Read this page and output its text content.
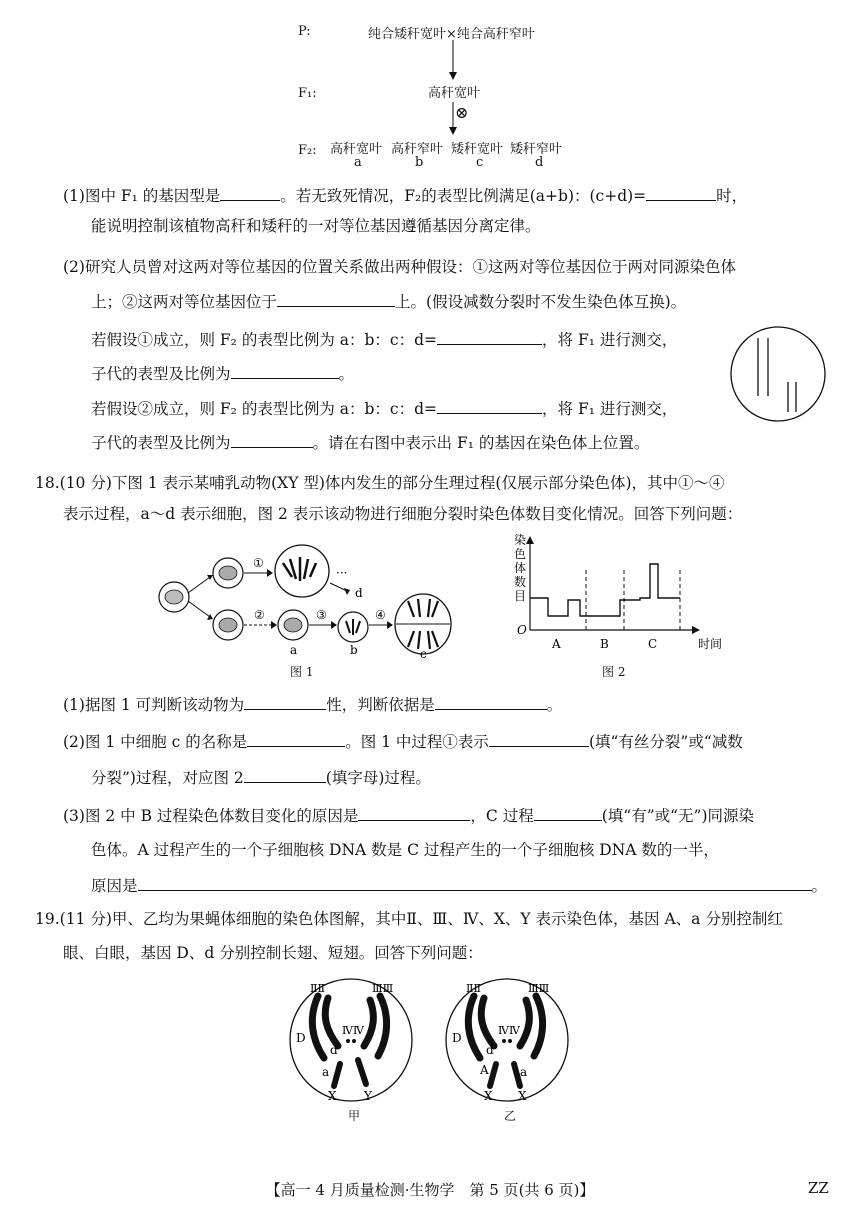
P:	纯合矮秆宽叶×纯合高秆窄叶
F₁:	高秆宽叶
⊗
F₂: 高秆宽叶 高秆窄叶 矮秆宽叶 矮秆窄叶
a	b	c	d
(1)图中 F₁ 的基因型是	。若无致死情况，F₂的表型比例满足(a+b)：(c+d)=	时，
能说明控制该植物高秆和矮秆的一对等位基因遵循基因分离定律。
(2)研究人员曾对这两对等位基因的位置关系做出两种假设：①这两对等位基因位于两对同源染色体
上；②这两对等位基因位于	上。(假设减数分裂时不发生染色体互换)。
若假设①成立，则 F₂ 的表型比例为 a：b：c：d=	，将 F₁ 进行测交，
子代的表型及比例为	。
若假设②成立，则 F₂ 的表型比例为 a：b：c：d=	，将 F₁ 进行测交，
子代的表型及比例为	。请在右图中表示出 F₁ 的基因在染色体上位置。
18.(10 分)下图 1 表示某哺乳动物(XY 型)体内发生的部分生理过程(仅展示部分染色体)，其中①～④
表示过程，a～d 表示细胞，图 2 表示该动物进行细胞分裂时染色体数目变化情况。回答下列问题：
①
d
···
②
a
③
b
④
c
图 1
染色体数目
O
A	B	C	时间
图 2
(1)据图 1 可判断该动物为	性，判断依据是	。
(2)图 1 中细胞 c 的名称是	。图 1 中过程①表示	(填“有丝分裂”或“减数
分裂”)过程，对应图 2	(填字母)过程。
(3)图 2 中 B 过程染色体数目变化的原因是	，C 过程	(填“有”或“无”)同源染
色体。A 过程产生的一个子细胞核 DNA 数是 C 过程产生的一个子细胞核 DNA 数的一半，
原因是	。
19.(11 分)甲、乙均为果蝇体细胞的染色体图解，其中Ⅱ、Ⅲ、Ⅳ、X、Y 表示染色体，基因 A、a 分别控制红
眼、白眼，基因 D、d 分别控制长翅、短翅。回答下列问题：
ⅡⅡ	ⅢⅢ
ⅣⅣ
D
d
a
X Y
甲
ⅡⅡ	ⅢⅢ
ⅣⅣ
D
d
A	a
X X
乙
【高一 4 月质量检测·生物学　第 5 页(共 6 页)】	ZZ
